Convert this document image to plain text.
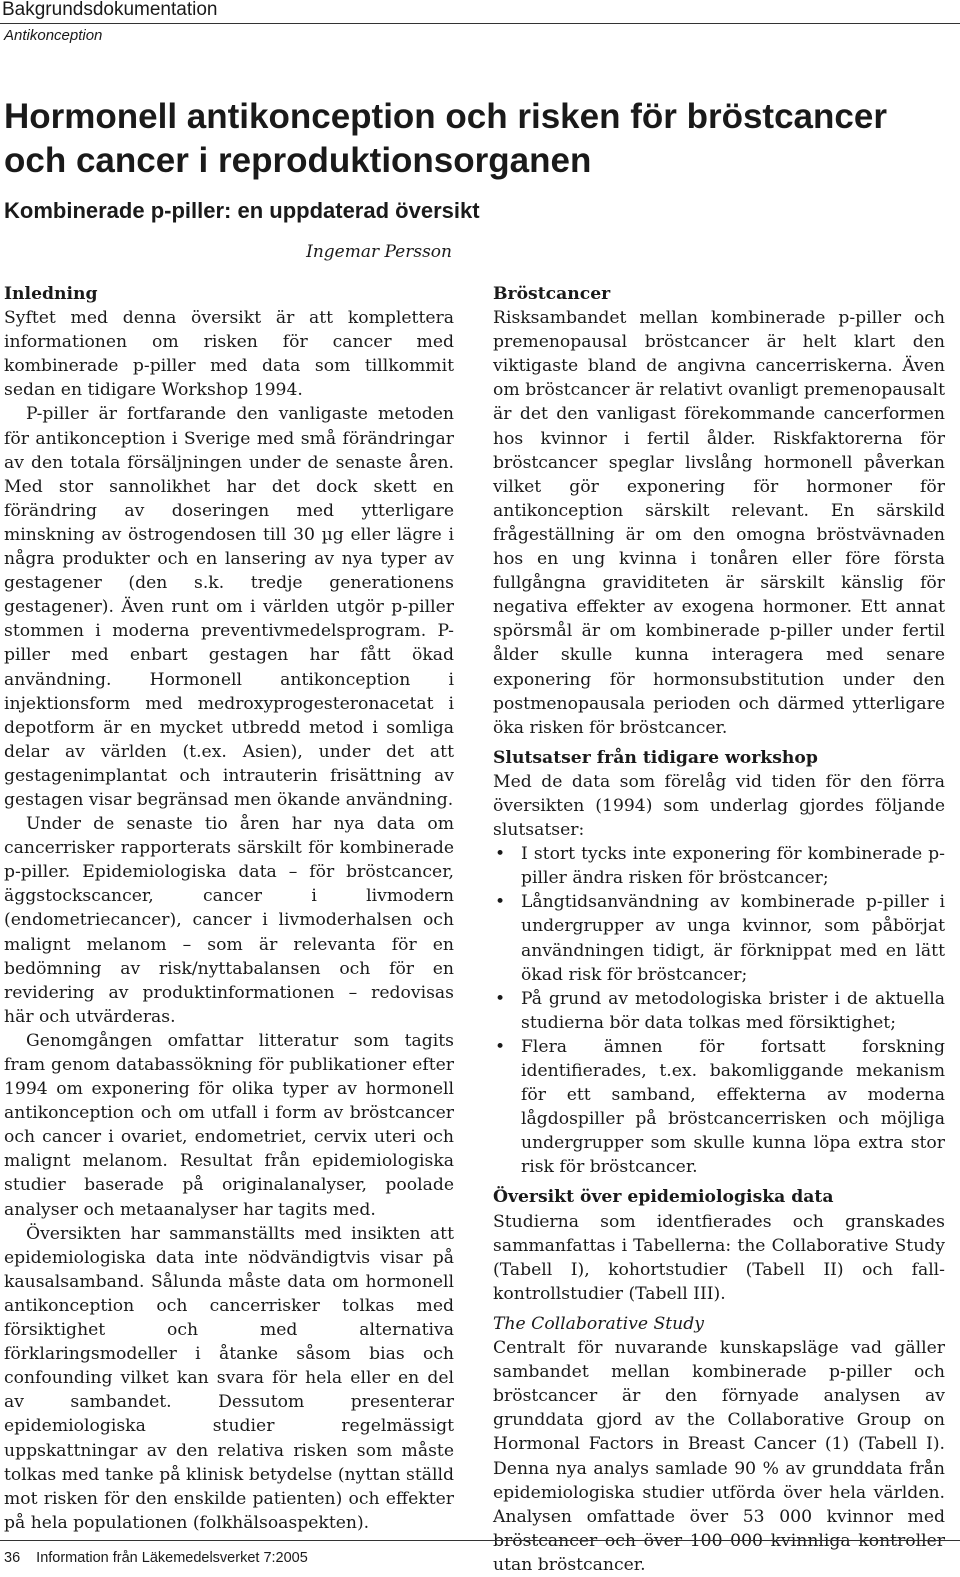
Bakgrundsdokumentation
Antikonception
Hormonell antikonception och risken för bröstcancer och cancer i reproduktionsorganen
Kombinerade p-piller: en uppdaterad översikt
Ingemar Persson
Inledning

Syftet med denna översikt är att komplettera informationen om risken för cancer med kombinerade p-piller med data som tillkommit sedan en tidigare Workshop 1994.

P-piller är fortfarande den vanligaste metoden för antikonception i Sverige med små förändringar av den totala försäljningen under de senaste åren. Med stor sannolikhet har det dock skett en förändring av doseringen med ytterligare minskning av östrogendosen till 30 µg eller lägre i några produkter och en lansering av nya typer av gestagener (den s.k. tredje generationens gestagener). Även runt om i världen utgör p-piller stommen i moderna preventivmedelsprogram. P-piller med enbart gestagen har fått ökad användning. Hormonell antikonception i injektionsform med medroxyprogesteronacetat i depotform är en mycket utbredd metod i somliga delar av världen (t.ex. Asien), under det att gestagenimplantat och intrauterin frisättning av gestagen visar begränsad men ökande användning.

Under de senaste tio åren har nya data om cancerrisker rapporterats särskilt för kombinerade p-piller. Epidemiologiska data – för bröstcancer, äggstockscancer, cancer i livmodern (endometriecancer), cancer i livmoderhalsen och malignt melanom – som är relevanta för en bedömning av risk/nyttabalansen och för en revidering av produktinformationen – redovisas här och utvärderas.

Genomgången omfattar litteratur som tagits fram genom databassökning för publikationer efter 1994 om exponering för olika typer av hormonell antikonception och om utfall i form av bröstcancer och cancer i ovariet, endometriet, cervix uteri och malignt melanom. Resultat från epidemiologiska studier baserade på originalanalyser, poolade analyser och metaanalyser har tagits med.

Översikten har sammanställts med insikten att epidemiologiska data inte nödvändigtvis visar på kausalsamband. Sålunda måste data om hormonell antikonception och cancerrisker tolkas med försiktighet och med alternativa förklaringsmodeller i åtanke såsom bias och confounding vilket kan svara för hela eller en del av sambandet. Dessutom presenterar epidemiologiska studier regelmässigt uppskattningar av den relativa risken som måste tolkas med tanke på klinisk betydelse (nyttan ställd mot risken för den enskilde patienten) och effekter på hela populationen (folkhälsoaspekten).

Bröstcancer

Risksambandet mellan kombinerade p-piller och premenopausal bröstcancer är helt klart den viktigaste bland de angivna cancerriskerna. Även om bröstcancer är relativt ovanligt premenopausalt är det den vanligast förekommande cancerformen hos kvinnor i fertil ålder. Riskfaktorerna för bröstcancer speglar livslång hormonell påverkan vilket gör exponering för hormoner för antikonception särskilt relevant. En särskild frågeställning är om den omogna bröstvävnaden hos en ung kvinna i tonåren eller före första fullgångna graviditeten är särskilt känslig för negativa effekter av exogena hormoner. Ett annat spörsmål är om kombinerade p-piller under fertil ålder skulle kunna interagera med senare exponering för hormonsubstitution under den postmenopausala perioden och därmed ytterligare öka risken för bröstcancer.

Slutsatser från tidigare workshop

Med de data som förelåg vid tiden för den förra översikten (1994) som underlag gjordes följande slutsatser:

• I stort tycks inte exponering för kombinerade p-piller ändra risken för bröstcancer;
• Långtidsanvändning av kombinerade p-piller i undergrupper av unga kvinnor, som påbörjat användningen tidigt, är förknippat med en lätt ökad risk för bröstcancer;
• På grund av metodologiska brister i de aktuella studierna bör data tolkas med försiktighet;
• Flera ämnen för fortsatt forskning identifierades, t.ex. bakomliggande mekanism för ett samband, effekterna av moderna lågdospiller på bröstcancerrisken och möjliga undergrupper som skulle kunna löpa extra stor risk för bröstcancer.
Översikt över epidemiologiska data

Studierna som identfierades och granskades sammanfattas i Tabellerna: the Collaborative Study (Tabell I), kohortstudier (Tabell II) och fall-kontrollstudier (Tabell III).

The Collaborative Study

Centralt för nuvarande kunskapsläge vad gäller sambandet mellan kombinerade p-piller och bröstcancer är den förnyade analysen av grunddata gjord av the Collaborative Group on Hormonal Factors in Breast Cancer (1) (Tabell I). Denna nya analys samlade 90 % av grunddata från epidemiologiska studier utförda över hela världen. Analysen omfattade över 53 000 kvinnor med bröstcancer och över 100 000 kvinnliga kontroller utan bröstcancer.

36 Information från Läkemedelsverket 7:2005
